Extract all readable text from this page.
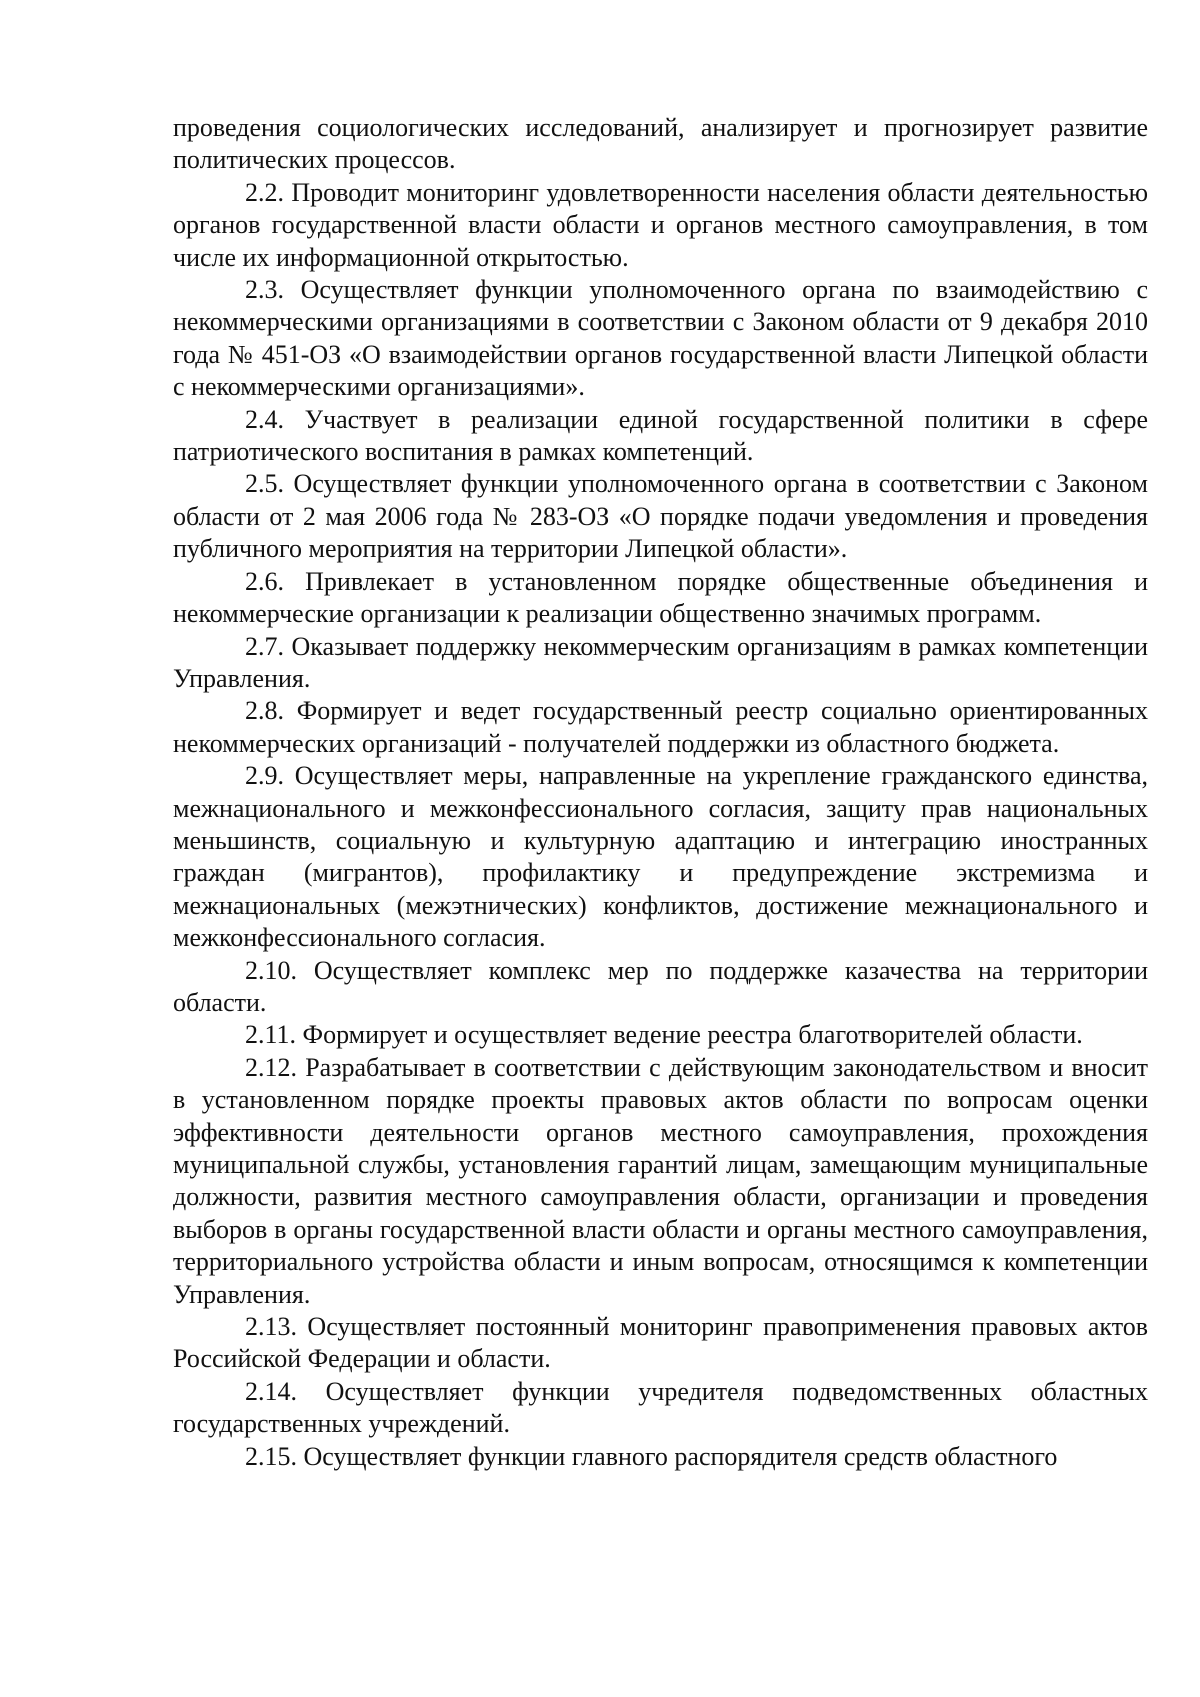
проведения социологических исследований, анализирует и прогнозирует развитие политических процессов.

2.2. Проводит мониторинг удовлетворенности населения области деятельностью органов государственной власти области и органов местного самоуправления, в том числе их информационной открытостью.

2.3. Осуществляет функции уполномоченного органа по взаимодействию с некоммерческими организациями в соответствии с Законом области от 9 декабря 2010 года № 451-ОЗ «О взаимодействии органов государственной власти Липецкой области с некоммерческими организациями».

2.4. Участвует в реализации единой государственной политики в сфере патриотического воспитания в рамках компетенций.

2.5. Осуществляет функции уполномоченного органа в соответствии с Законом области от 2 мая 2006 года № 283-ОЗ «О порядке подачи уведомления и проведения публичного мероприятия на территории Липецкой области».

2.6. Привлекает в установленном порядке общественные объединения и некоммерческие организации к реализации общественно значимых программ.

2.7. Оказывает поддержку некоммерческим организациям в рамках компетенции Управления.

2.8. Формирует и ведет государственный реестр социально ориентированных некоммерческих организаций - получателей поддержки из областного бюджета.

2.9. Осуществляет меры, направленные на укрепление гражданского единства, межнационального и межконфессионального согласия, защиту прав национальных меньшинств, социальную и культурную адаптацию и интеграцию иностранных граждан (мигрантов), профилактику и предупреждение экстремизма и межнациональных (межэтнических) конфликтов, достижение межнационального и межконфессионального согласия.

2.10. Осуществляет комплекс мер по поддержке казачества на территории области.

2.11. Формирует и осуществляет ведение реестра благотворителей области.

2.12. Разрабатывает в соответствии с действующим законодательством и вносит в установленном порядке проекты правовых актов области по вопросам оценки эффективности деятельности органов местного самоуправления, прохождения муниципальной службы, установления гарантий лицам, замещающим муниципальные должности, развития местного самоуправления области, организации и проведения выборов в органы государственной власти области и органы местного самоуправления, территориального устройства области и иным вопросам, относящимся к компетенции Управления.

2.13. Осуществляет постоянный мониторинг правоприменения правовых актов Российской Федерации и области.

2.14. Осуществляет функции учредителя подведомственных областных государственных учреждений.

2.15. Осуществляет функции главного распорядителя средств областного
